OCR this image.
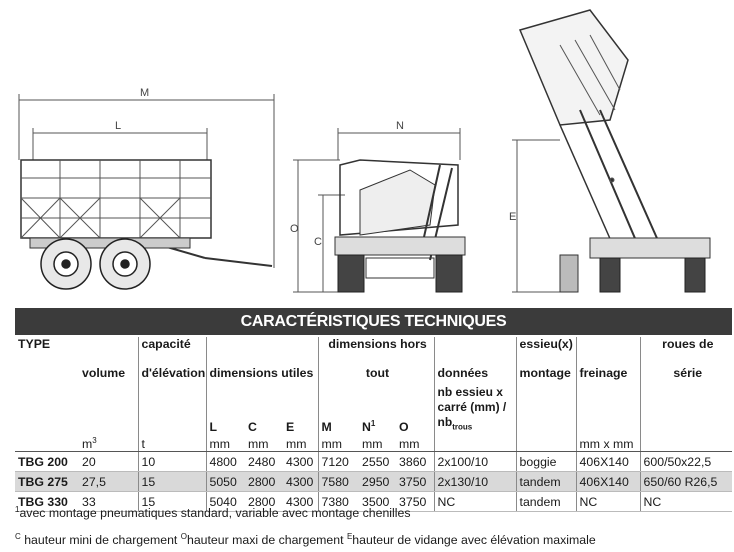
M
L	N
O
C
E
CARACTÉRISTIQUES TECHNIQUES
TYPE		capacité				dimensions hors				essieu(x)		roues de
	volume	d'élévation	dimensions utiles			tout			données	montage	freinage	série
			L	C	E	M	$N^1$	O	nb essieu x
carré (mm) /
$nb_{trous}$			
	$m^3$	t	mm	mm	mm	mm	mm	mm			mm x mm	
TBG 200	20	10	4800	2480	4300	7120	2550	3860	2x100/10	boggie	406X140	600/50x22,5
TBG 275	27,5	15	5050	2800	4300	7580	2950	3750	2x130/10	tandem	406X140	650/60 R26,5
TBG 330	33	15	5040	2800	4300	7380	3500	3750	NC	tandem	NC	NC
$^1$avec montage pneumatiques standard, variable avec montage chenilles
$^C$ hauteur mini de chargement $^O$hauteur maxi de chargement $^E$hauteur de vidange avec élévation maximale
